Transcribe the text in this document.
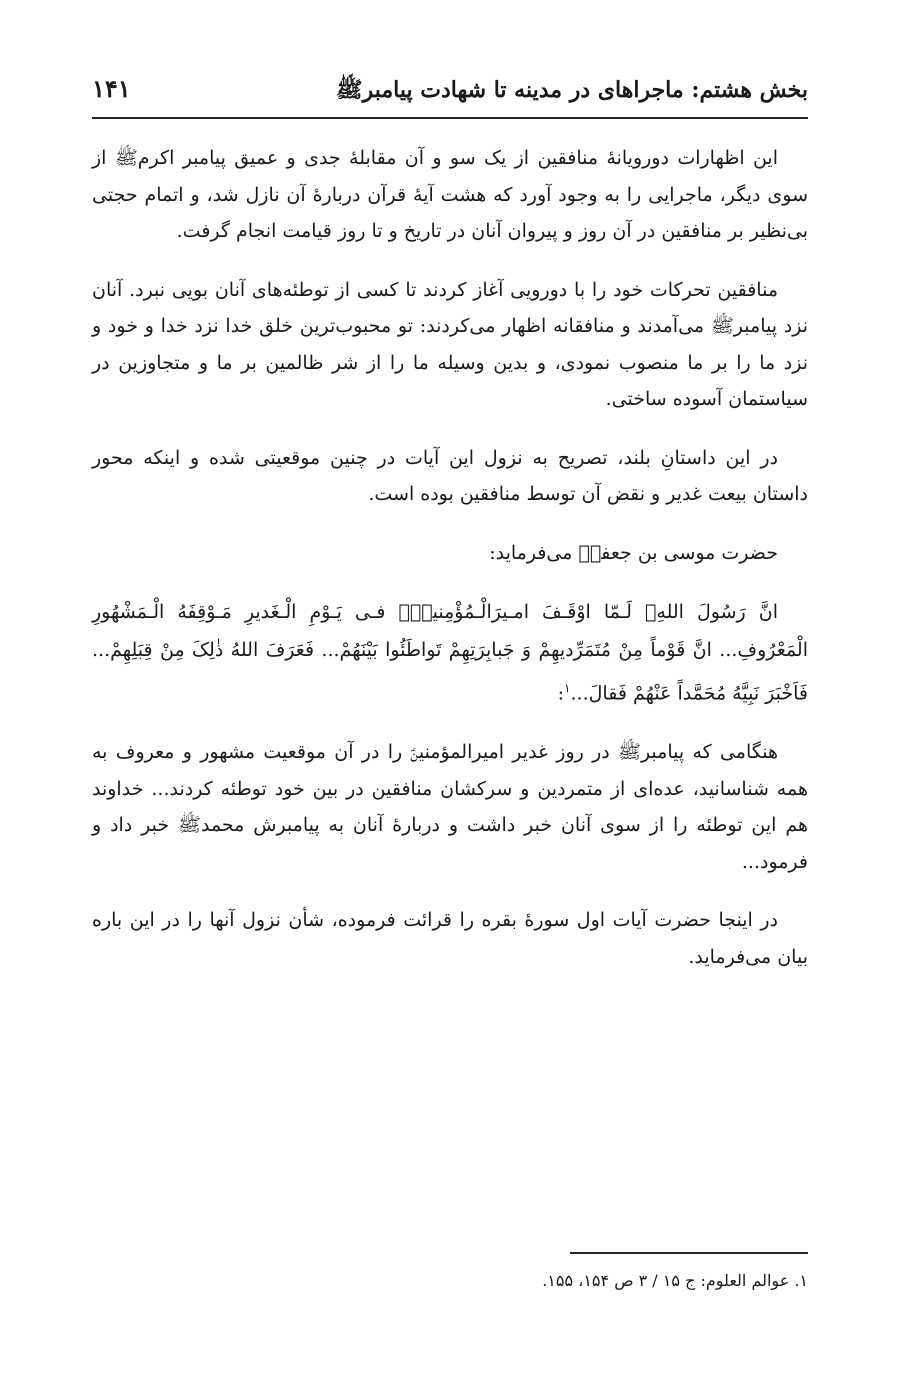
بخش هشتم: ماجراهای در مدینه تا شهادت پیامبرﷺ
۱۴۱

این اظهارات دورویانهٔ منافقین از یک سو و آن مقابلهٔ جدی و عمیق پیامبر اکرمﷺ از سوی دیگر، ماجرایی را به وجود آورد که هشت آیهٔ قرآن دربارهٔ آن نازل شد، و اتمام حجتی بی‌نظیر بر منافقین در آن روز و پیروان آنان در تاریخ و تا روز قیامت انجام گرفت.

منافقین تحرکات خود را با دورویی آغاز کردند تا کسی از توطئه‌های آنان بویی نبرد. آنان نزد پیامبرﷺ می‌آمدند و منافقانه اظهار می‌کردند: تو محبوب‌ترین خلق خدا نزد خدا و خود و نزد ما را بر ما منصوب نمودی، و بدین وسیله ما را از شر ظالمین بر ما و متجاوزین در سیاستمان آسوده ساختی.

در این داستانِ بلند، تصریح به نزول این آیات در چنین موقعیتی شده و اینکه محور داستان بیعت غدیر و نقض آن توسط منافقین بوده است.

حضرت موسی بن جعفرؑ می‌فرماید:

انَّ رَسُولَ اللهِﷺ لَـمّا اوْقَـفَ امـیرَالْـمُؤْمِنینَؑ فـی یَـوْمِ الْـغَدیرِ مَـوْقِفَهُ الْـمَشْهُورِ الْمَعْرُوفِ... انَّ قَوْماً مِنْ مُتَمَرِّدیهِمْ وَ جَبابِرَتِهِمْ تَواطَئُوا بَیْنَهُمْ... فَعَرَفَ اللهُ ذٰلِکَ مِنْ قِبَلِهِمْ... فَاَخْبَرَ نَبِیَّهُ مُحَمَّداً عَنْهُمْ فَقالَ...$^۱$:

هنگامی که پیامبرﷺ در روز غدیر امیرالمؤمنینؑ را در آن موقعیت مشهور و معروف به همه شناسانید، عده‌ای از متمردین و سرکشان منافقین در بین خود توطئه کردند... خداوند هم این توطئه را از سوی آنان خبر داشت و دربارهٔ آنان به پیامبرش محمدﷺ خبر داد و فرمود...

در اینجا حضرت آیات اول سورهٔ بقره را قرائت فرموده، شأن نزول آنها را در این باره بیان می‌فرماید.

۱. عوالم العلوم: ج ۱۵ / ۳ ص ۱۵۴، ۱۵۵.
